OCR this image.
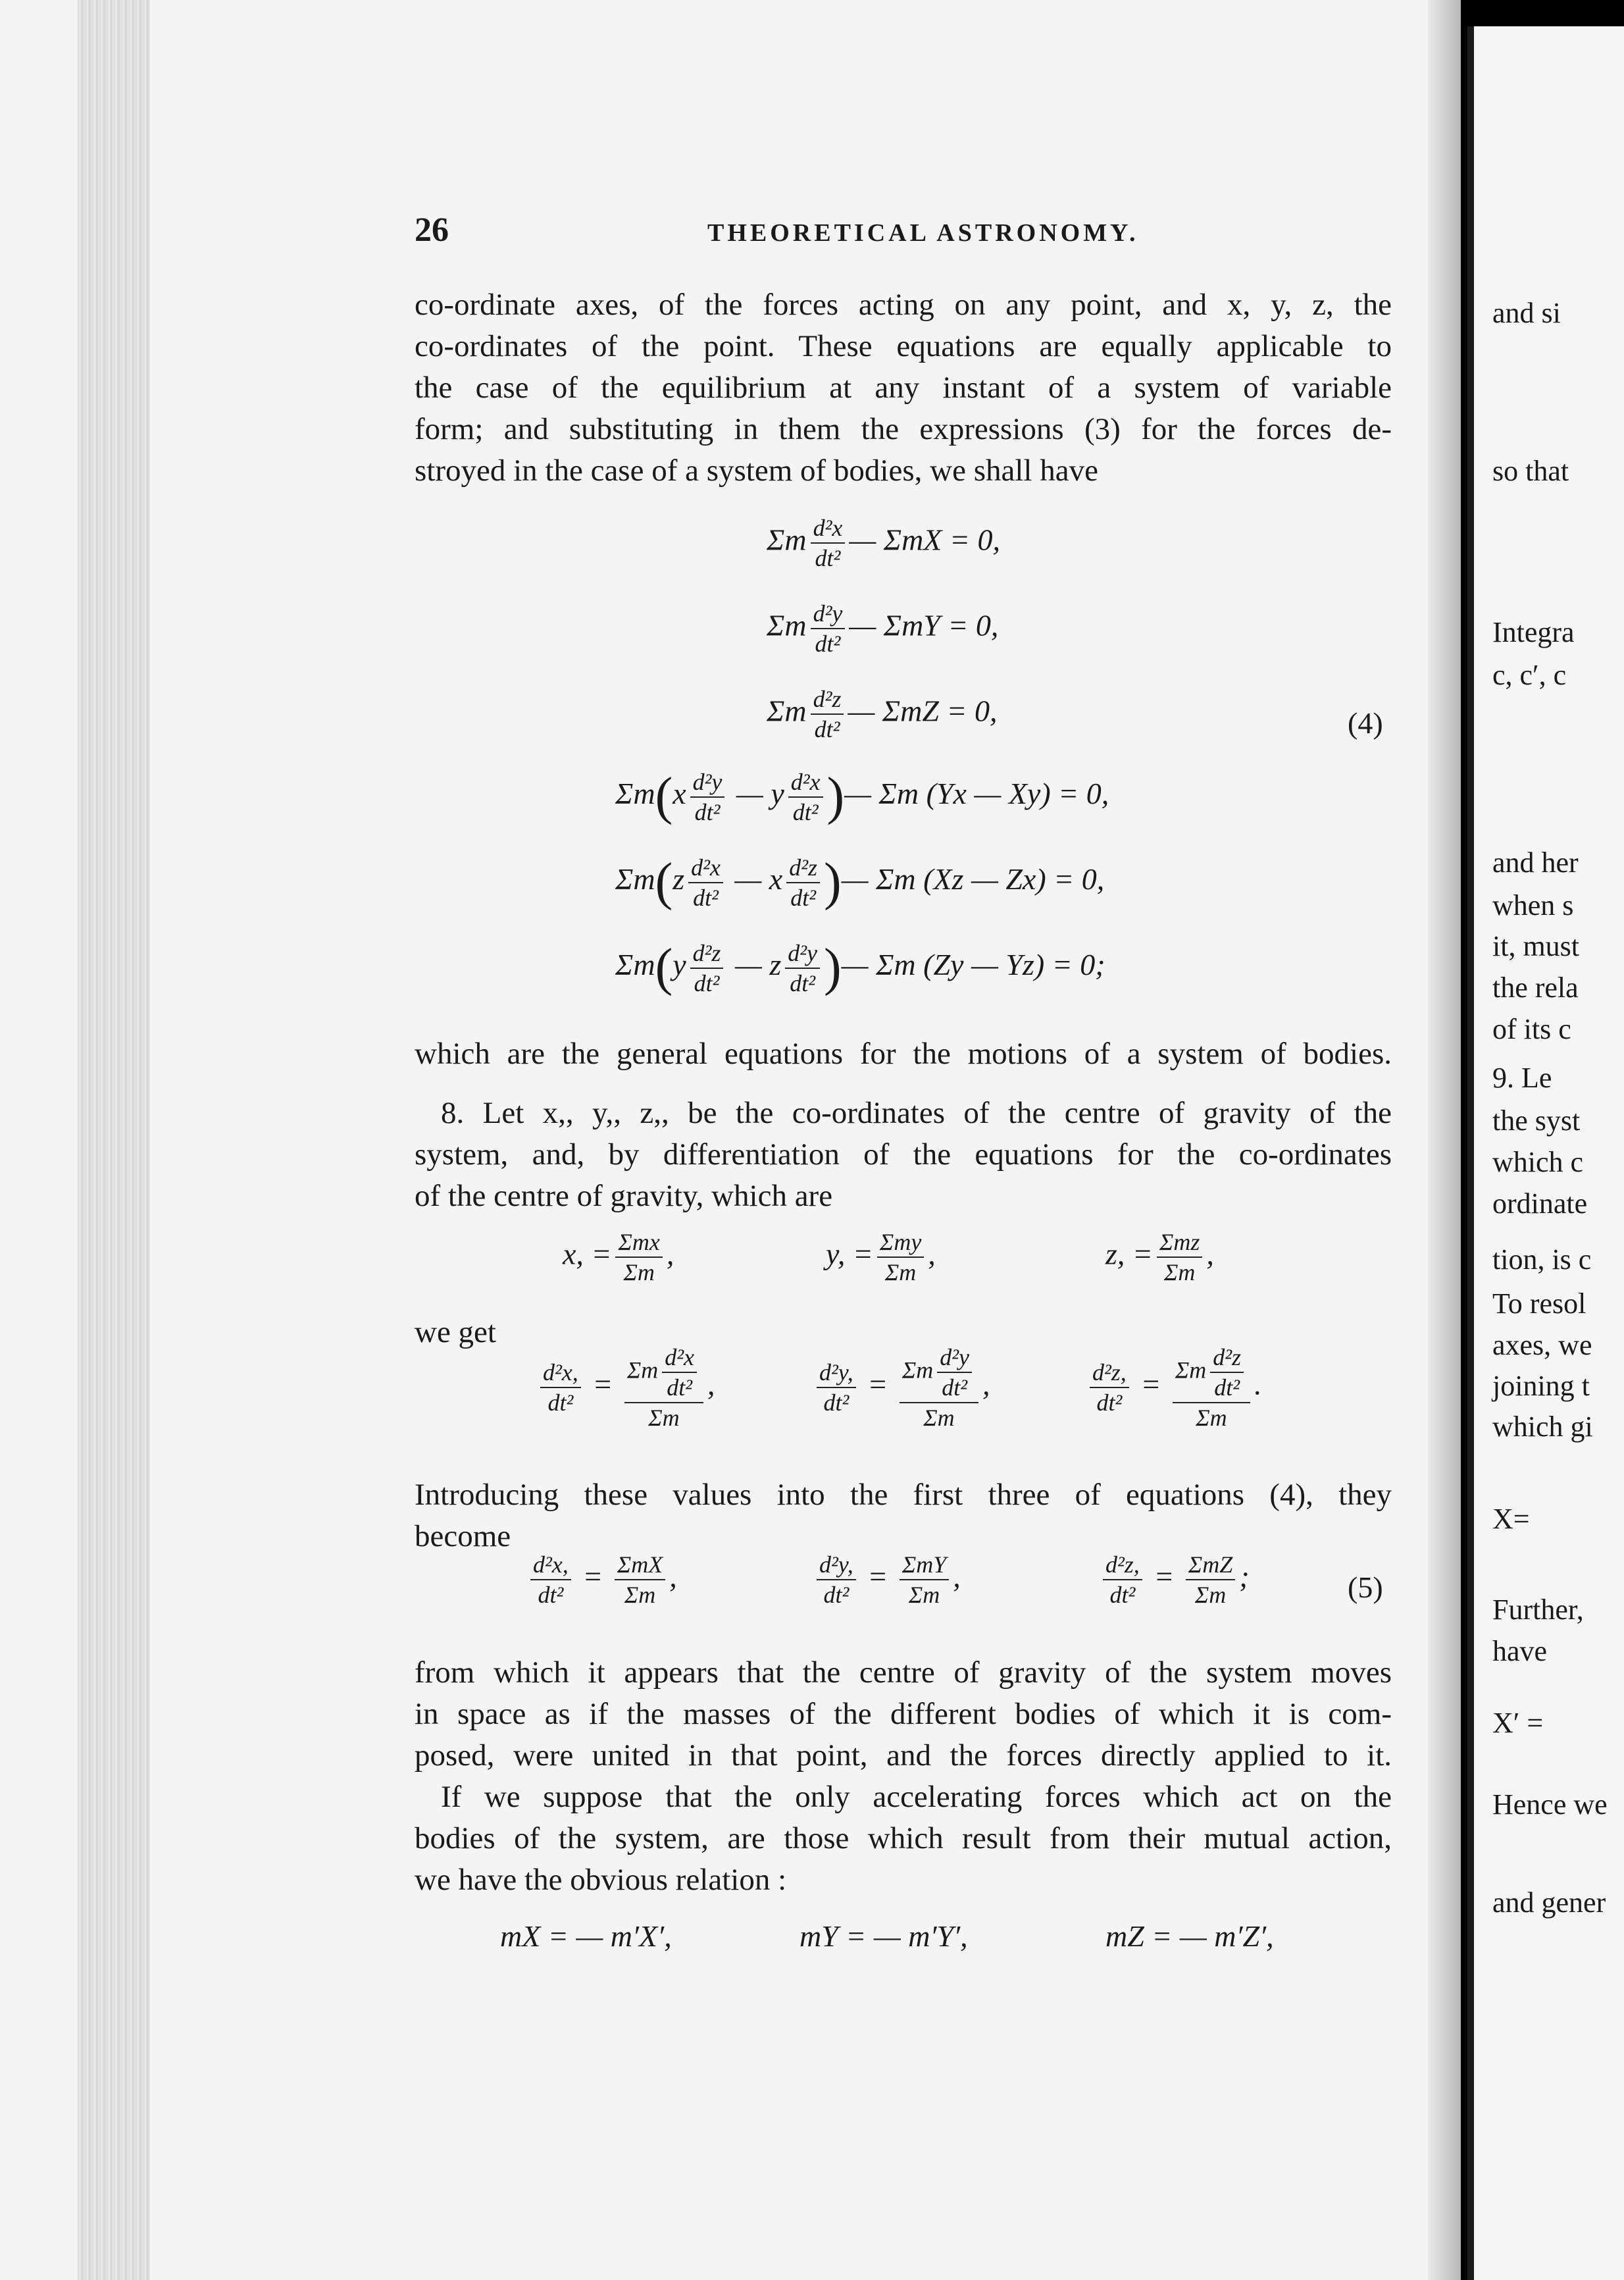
26	THEORETICAL ASTRONOMY.
co-ordinate axes, of the forces acting on any point, and x, y, z, the
co-ordinates of the point. These equations are equally applicable to
the case of the equilibrium at any instant of a system of variable
form; and substituting in them the expressions (3) for the forces de-
stroyed in the case of a system of bodies, we shall have
Σm $\frac{\text{d²x}}{\text{dt²}}$ — ΣmX = 0,
Σm $\frac{\text{d²y}}{\text{dt²}}$ — ΣmY = 0,
Σm $\frac{\text{d²z}}{\text{dt²}}$ — ΣmZ = 0,	(4)
$\Sigma m(x \frac{\text{d²y}}{\text{dt²}}$ — y $\frac{\text{d²x}}{\text{dt²}}$ )— Σm (Yx — Xy) = 0,
$\Sigma m(z \frac{\text{d²x}}{\text{dt²}}$ — x $\frac{\text{d²z}}{\text{dt²}}$ )— Σm (Xz — Zx) = 0,
$\Sigma m(y \frac{\text{d²z}}{\text{dt²}}$ — z $\frac{\text{d²y}}{\text{dt²}}$ )— Σm (Zy — Yz) = 0;
which are the general equations for the motions of a system of bodies.
8. Let x,, y,, z,, be the co-ordinates of the centre of gravity of the
system, and, by differentiation of the equations for the co-ordinates
of the centre of gravity, which are
x, = $\frac{\text{Σmx}}{\Sigma m}$ ,	y, = $\frac{\text{Σmy}}{\Sigma m}$ ,	z, = $\frac{\text{Σmz}}{\Sigma m}$ ,
we get
$\frac{\text{d²x,}}{\text{dt²}} = \frac{\Sigma m \frac{\text{d²x}}{\text{dt²}}}{\Sigma m}$ ,	$\frac{\text{d²y,}}{\text{dt²}} = \frac{\Sigma m \frac{\text{d²y}}{\text{dt²}}}{\Sigma m}$ ,	$\frac{\text{d²z,}}{\text{dt²}} = \frac{\Sigma m \frac{\text{d²z}}{\text{dt²}}}{\Sigma m}$ .
Introducing these values into the first three of equations (4), they
become
$\frac{\text{d²x,}}{\text{dt²}} = \frac{\text{ΣmX}}{\Sigma m}$ ,	$\frac{\text{d²y,}}{\text{dt²}} = \frac{\text{ΣmY}}{\Sigma m}$ ,	$\frac{\text{d²z,}}{\text{dt²}} = \frac{\text{ΣmZ}}{\Sigma m}$ ;	(5)
from which it appears that the centre of gravity of the system moves
in space as if the masses of the different bodies of which it is com-
posed, were united in that point, and the forces directly applied to it.
If we suppose that the only accelerating forces which act on the
bodies of the system, are those which result from their mutual action,
we have the obvious relation :
mX = — m′X′,	mY = — m′Y′,	mZ = — m′Z′,
and si
so that
Integra
c, c′, c
and her
when s
it, must
the rela
of its c
9. Le
the syst
which c
ordinate
tion, is c
To resol
axes, we
joining t
which gi
X=
Further,
have
X′ =
Hence we
and gener
